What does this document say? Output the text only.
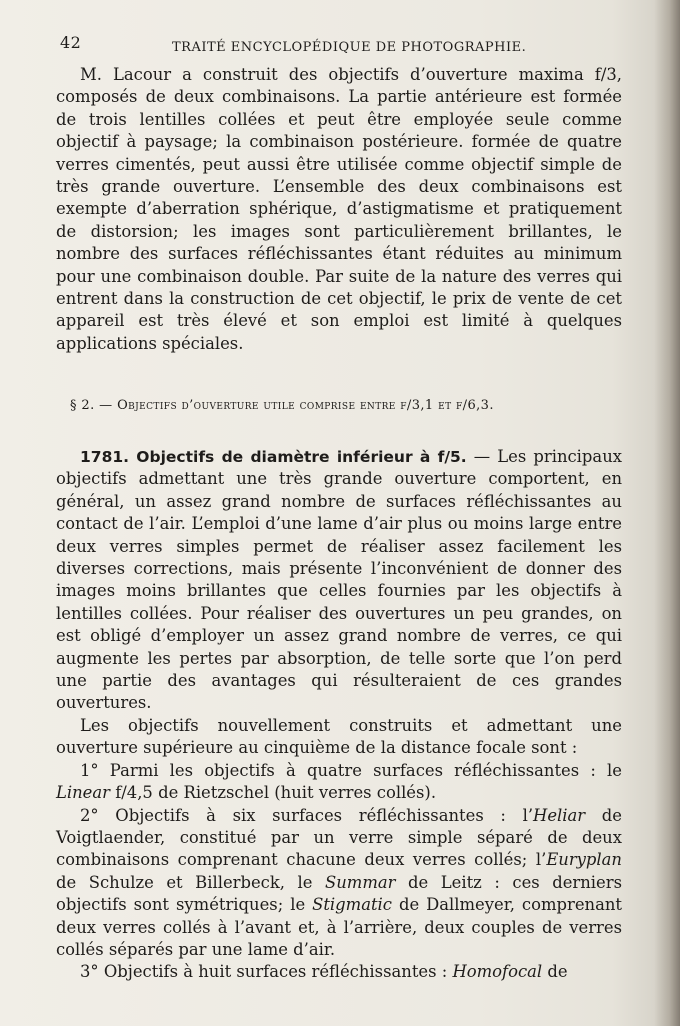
42	TRAITÉ ENCYCLOPÉDIQUE DE PHOTOGRAPHIE.

M. Lacour a construit des objectifs d’ouverture maxima f/3, composés de deux combinaisons. La partie antérieure est formée de trois lentilles collées et peut être employée seule comme objectif à paysage; la combinaison postérieure. formée de quatre verres cimentés, peut aussi être utilisée comme objectif simple de très grande ouverture. L’ensemble des deux combinaisons est exempte d’aberration sphérique, d’astigmatisme et pratiquement de distorsion; les images sont particulièrement brillantes, le nombre des surfaces réfléchissantes étant réduites au minimum pour une combinaison double. Par suite de la nature des verres qui entrent dans la construction de cet objectif, le prix de vente de cet appareil est très élevé et son emploi est limité à quelques applications spéciales.

§ 2. — Objectifs d’ouverture utile comprise entre f/3,1 et f/6,3.

1781. Objectifs de diamètre inférieur à f/5. — Les principaux objectifs admettant une très grande ouverture comportent, en général, un assez grand nombre de surfaces réfléchissantes au contact de l’air. L’emploi d’une lame d’air plus ou moins large entre deux verres simples permet de réaliser assez facilement les diverses corrections, mais présente l’inconvénient de donner des images moins brillantes que celles fournies par les objectifs à lentilles collées. Pour réaliser des ouvertures un peu grandes, on est obligé d’employer un assez grand nombre de verres, ce qui augmente les pertes par absorption, de telle sorte que l’on perd une partie des avantages qui résulteraient de ces grandes ouvertures.

Les objectifs nouvellement construits et admettant une ouverture supérieure au cinquième de la distance focale sont :

1° Parmi les objectifs à quatre surfaces réfléchissantes : le Linear f/4,5 de Rietzschel (huit verres collés).

2° Objectifs à six surfaces réfléchissantes : l’Heliar de Voigtlaender, constitué par un verre simple séparé de deux combinaisons comprenant chacune deux verres collés; l’Euryplan de Schulze et Billerbeck, le Summar de Leitz : ces derniers objectifs sont symétriques; le Stigmatic de Dallmeyer, comprenant deux verres collés à l’avant et, à l’arrière, deux couples de verres collés séparés par une lame d’air.

3° Objectifs à huit surfaces réfléchissantes : Homofocal de
